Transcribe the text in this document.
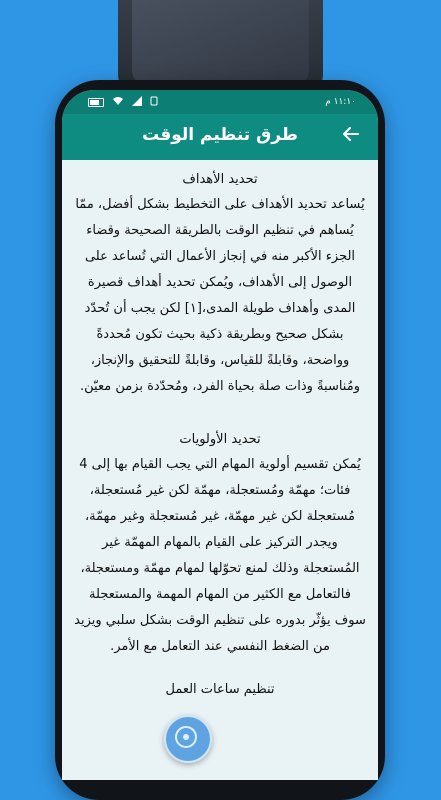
١١:١٠ م
طرق تنظيم الوقت
تحديد الأهداف

يُساعد تحديد الأهداف على التخطيط بشكل أفضل، ممّا يُساهم في تنظيم الوقت بالطريقة الصحيحة وقضاء الجزء الأكبر منه في إنجاز الأعمال التي تُساعد على الوصول إلى الأهداف، ويُمكن تحديد أهداف قصيرة المدى وأهداف طويلة المدى،[١] لكن يجب أن تُحدّد بشكل صحيح وبطريقة ذكية بحيث تكون مُحددةً وواضحة، وقابلةً للقياس، وقابلةً للتحقيق والإنجاز، ومُناسبةً وذات صلة بحياة الفرد، ومُحدّدة بزمن معيّن.

تحديد الأولويات

يُمكن تقسيم أولوية المهام التي يجب القيام بها إلى 4 فئات؛ مهمّة ومُستعجلة، مهمّة لكن غير مُستعجلة، مُستعجلة لكن غير مهمّة، غير مُستعجلة وغير مهمّة، ويجدر التركيز على القيام بالمهام المهمّة غير المُستعجلة وذلك لمنع تحوّلها لمهام مهمّة ومستعجلة، فالتعامل مع الكثير من المهام المهمة والمستعجلة سوف يؤثّر بدوره على تنظيم الوقت بشكل سلبي ويزيد من الضغط النفسي عند التعامل مع الأمر.

تنظيم ساعات العمل
